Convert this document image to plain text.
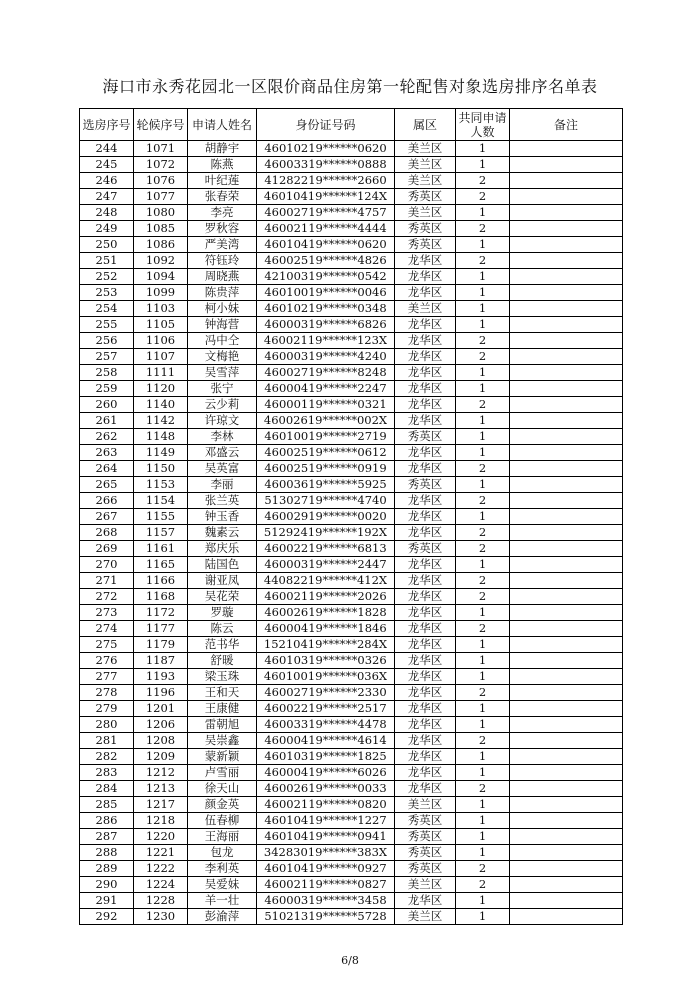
海口市永秀花园北一区限价商品住房第一轮配售对象选房排序名单表
选房序号	轮候序号	申请人姓名	身份证号码	属区	共同申请人数	备注
244	1071	胡静宇	46010219******0620	美兰区	1	
245	1072	陈燕	46003319******0888	美兰区	1	
246	1076	叶纪莲	41282219******2660	美兰区	2	
247	1077	张春荣	46010419******124X	秀英区	2	
248	1080	李亮	46002719******4757	美兰区	1	
249	1085	罗秋容	46002119******4444	秀英区	2	
250	1086	严美湾	46010419******0620	秀英区	1	
251	1092	符钰玲	46002519******4826	龙华区	2	
252	1094	周晓燕	42100319******0542	龙华区	1	
253	1099	陈贵萍	46010019******0046	龙华区	1	
254	1103	柯小妹	46010219******0348	美兰区	1	
255	1105	钟海营	46000319******6826	龙华区	1	
256	1106	冯中仝	46002119******123X	龙华区	2	
257	1107	文梅艳	46000319******4240	龙华区	2	
258	1111	吴雪萍	46002719******8248	龙华区	1	
259	1120	张宁	46000419******2247	龙华区	1	
260	1140	云少莉	46000119******0321	龙华区	2	
261	1142	许琼文	46002619******002X	龙华区	1	
262	1148	李林	46010019******2719	秀英区	1	
263	1149	邓盛云	46002519******0612	龙华区	1	
264	1150	吴英富	46002519******0919	龙华区	2	
265	1153	李丽	46003619******5925	秀英区	1	
266	1154	张兰英	51302719******4740	龙华区	2	
267	1155	钟玉香	46002919******0020	龙华区	1	
268	1157	魏素云	51292419******192X	龙华区	2	
269	1161	郑庆乐	46002219******6813	秀英区	2	
270	1165	陆国色	46000319******2447	龙华区	1	
271	1166	谢亚凤	44082219******412X	龙华区	2	
272	1168	吴花荣	46002119******2026	龙华区	2	
273	1172	罗璇	46002619******1828	龙华区	1	
274	1177	陈云	46000419******1846	龙华区	2	
275	1179	范书华	15210419******284X	龙华区	1	
276	1187	舒暖	46010319******0326	龙华区	1	
277	1193	梁玉珠	46010019******036X	龙华区	1	
278	1196	王和天	46002719******2330	龙华区	2	
279	1201	王康健	46002219******2517	龙华区	1	
280	1206	雷朝旭	46003319******4478	龙华区	1	
281	1208	吴崇鑫	46000419******4614	龙华区	2	
282	1209	蒙新颖	46010319******1825	龙华区	1	
283	1212	卢雪丽	46000419******6026	龙华区	1	
284	1213	徐天山	46002619******0033	龙华区	2	
285	1217	颜金英	46002119******0820	美兰区	1	
286	1218	伍春柳	46010419******1227	秀英区	1	
287	1220	王海丽	46010419******0941	秀英区	1	
288	1221	包龙	34283019******383X	秀英区	1	
289	1222	李利英	46010419******0927	秀英区	2	
290	1224	吴爱妹	46002119******0827	美兰区	2	
291	1228	羊一壮	46000319******3458	龙华区	1	
292	1230	彭渝萍	51021319******5728	美兰区	1	
6/8
